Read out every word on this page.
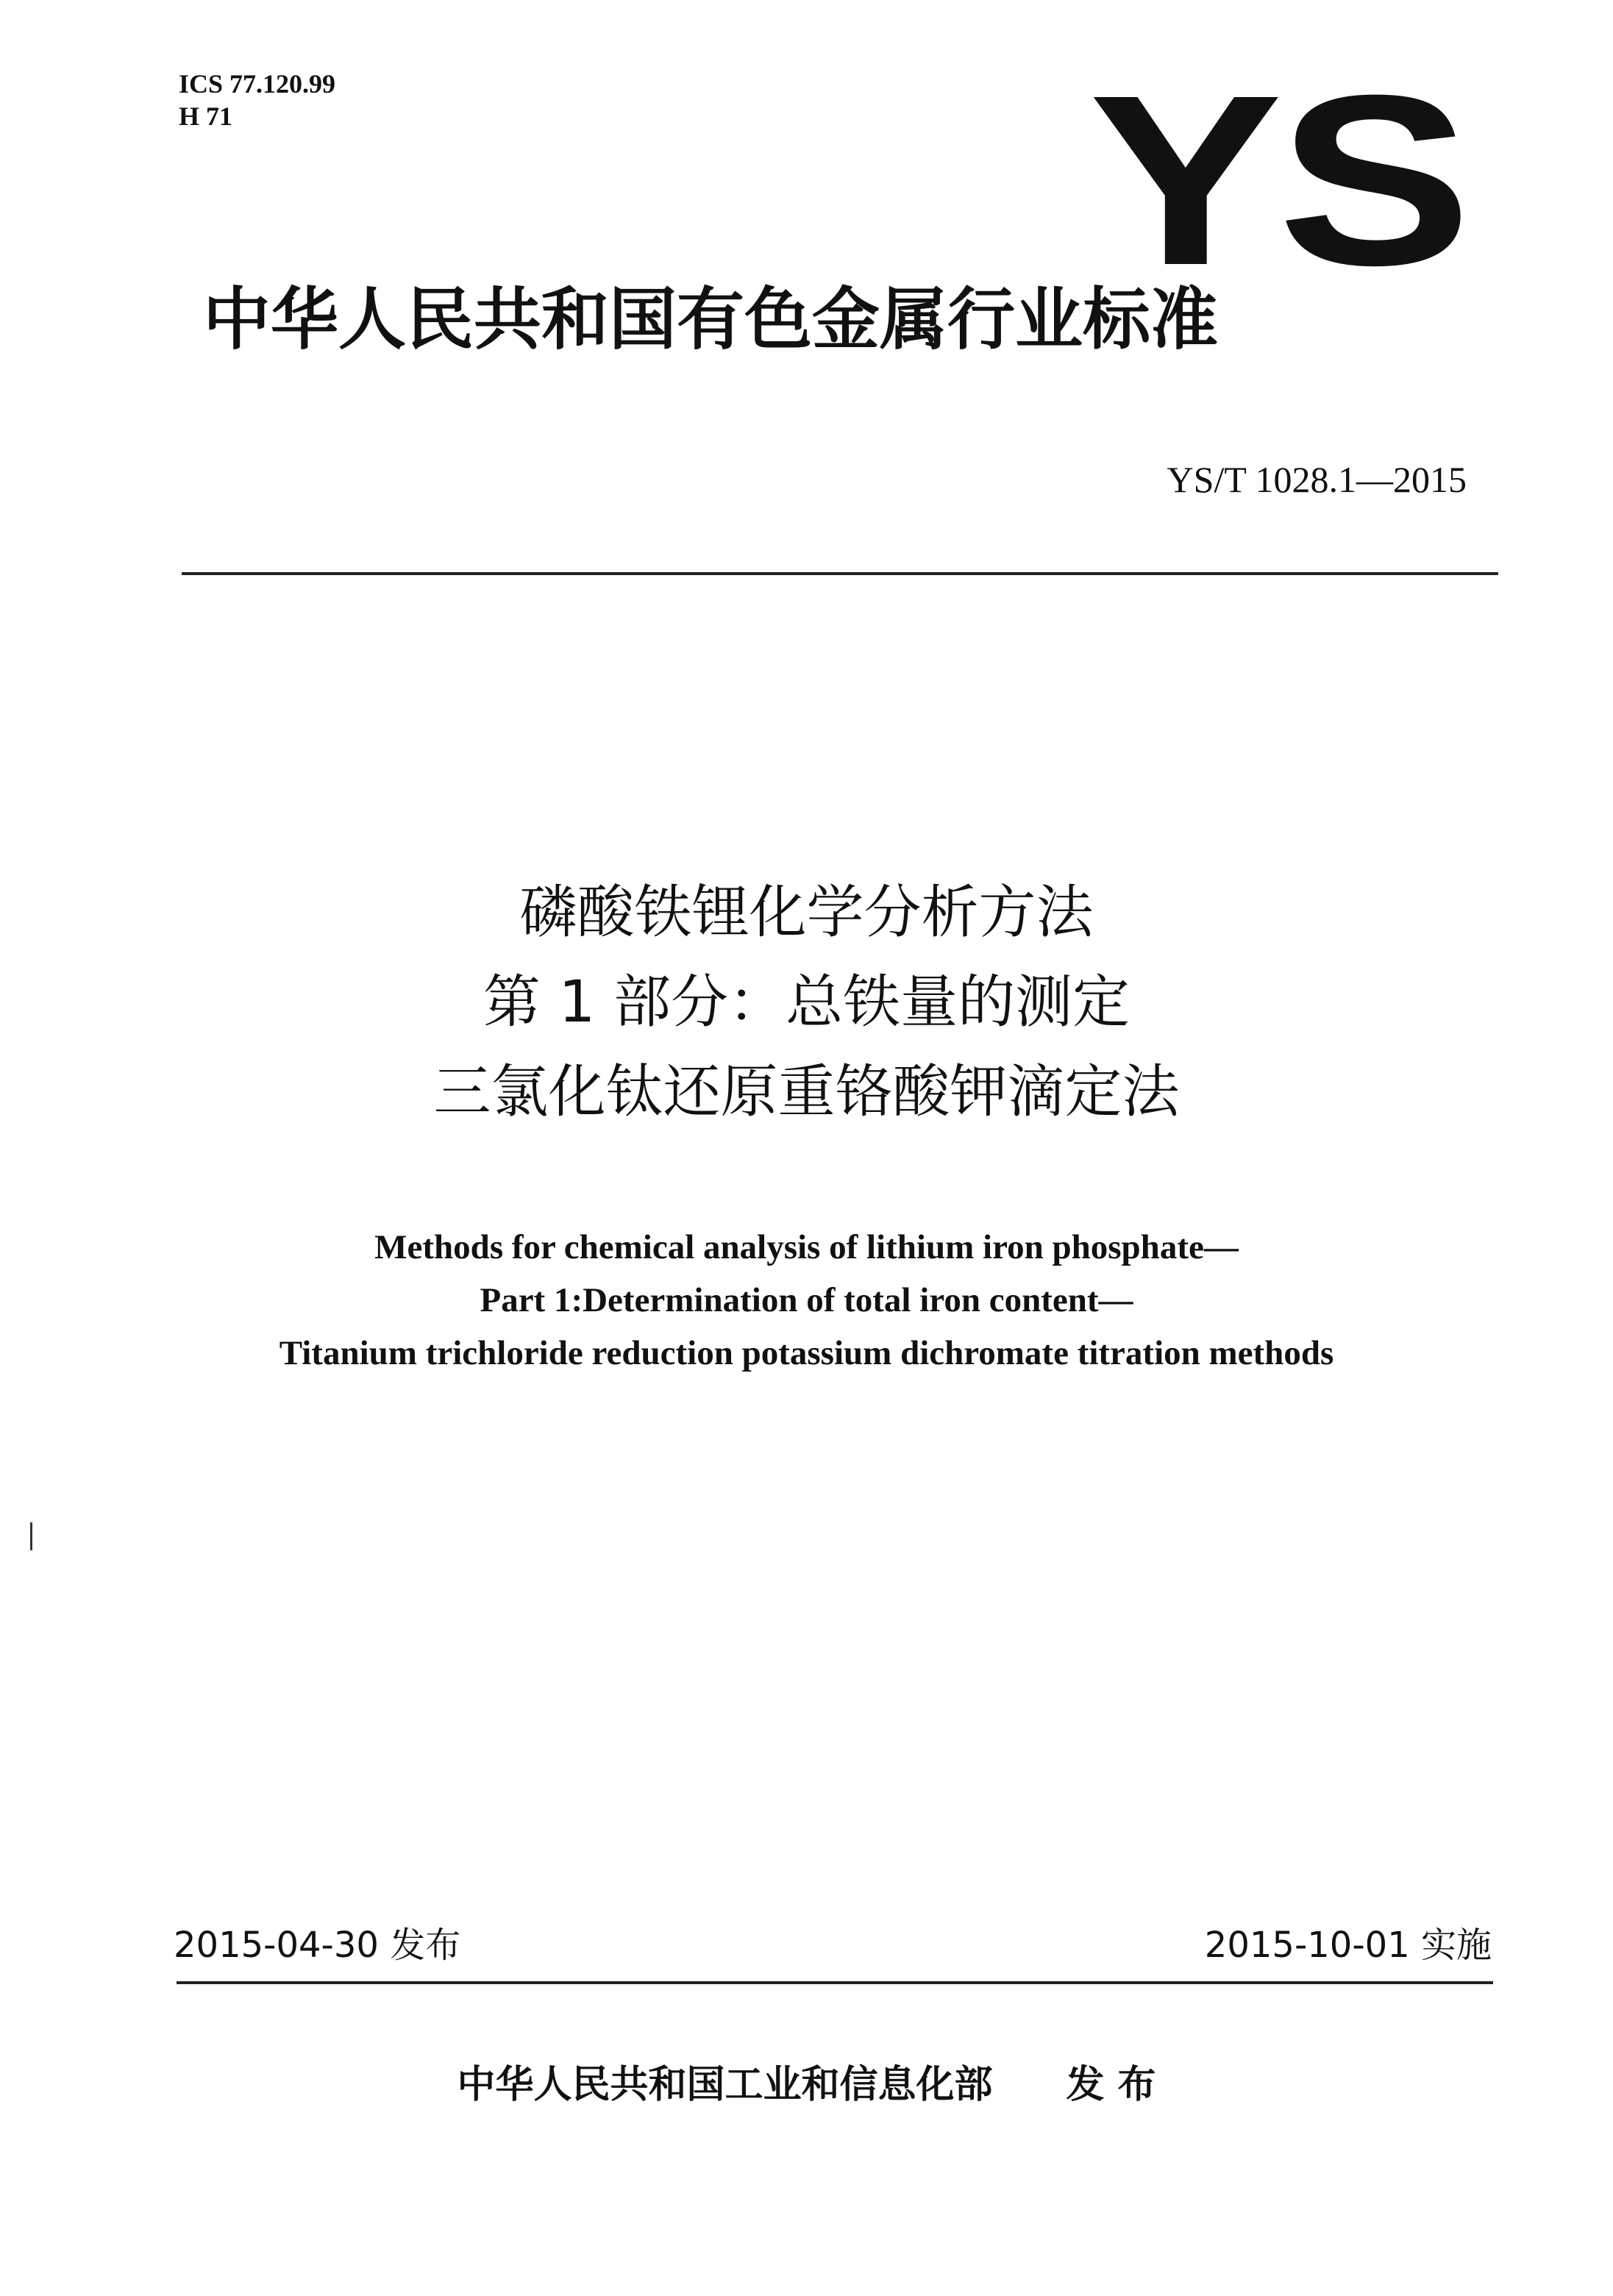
ICS 77.120.99
H 71	YS
中华人民共和国有色金属行业标准
YS/T 1028.1—2015
磷酸铁锂化学分析方法
第 1 部分：总铁量的测定
三氯化钛还原重铬酸钾滴定法
Methods for chemical analysis of lithium iron phosphate—
Part 1:Determination of total iron content—
Titanium trichloride reduction potassium dichromate titration methods
2015-04-30 发布	2015-10-01 实施
中华人民共和国工业和信息化部 发 布
